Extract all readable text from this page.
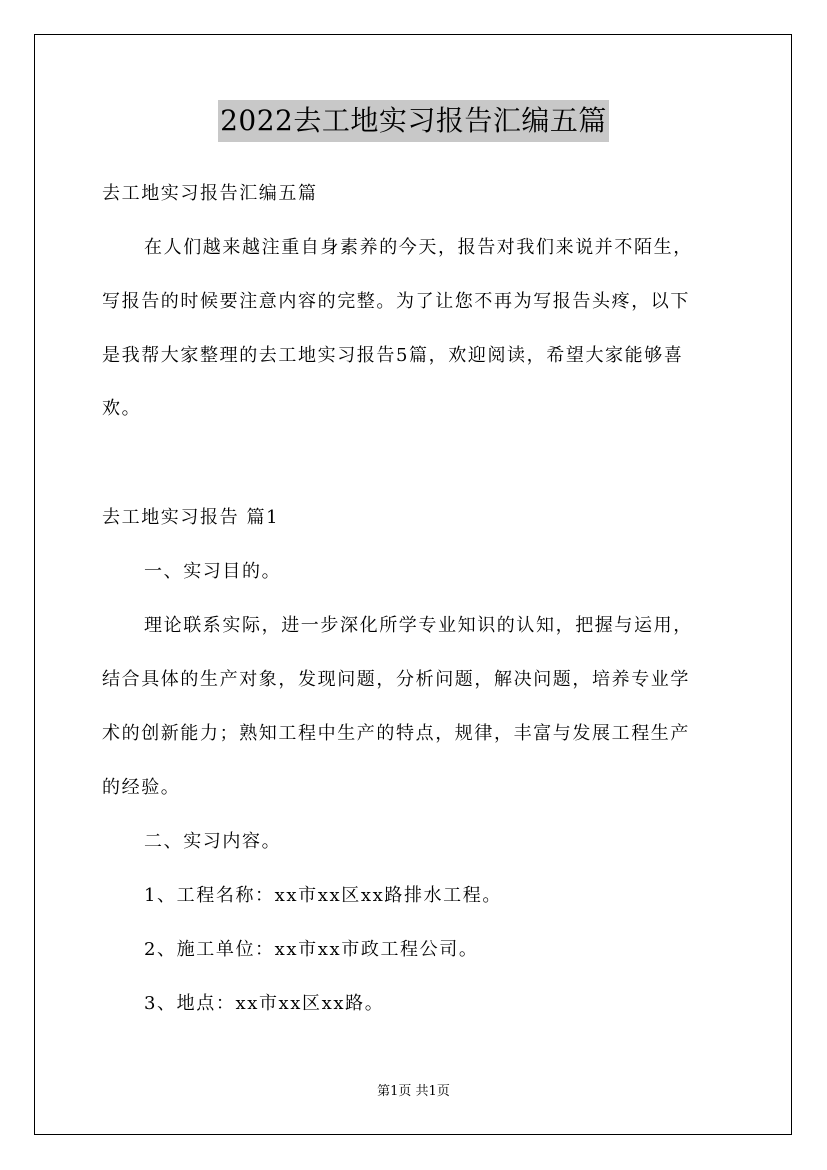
2022去工地实习报告汇编五篇
去工地实习报告汇编五篇
在人们越来越注重自身素养的今天，报告对我们来说并不陌生，
写报告的时候要注意内容的完整。为了让您不再为写报告头疼，以下
是我帮大家整理的去工地实习报告5篇，欢迎阅读，希望大家能够喜
欢。
去工地实习报告 篇1
一、实习目的。
理论联系实际，进一步深化所学专业知识的认知，把握与运用，
结合具体的生产对象，发现问题，分析问题，解决问题，培养专业学
术的创新能力；熟知工程中生产的特点，规律，丰富与发展工程生产
的经验。
二、实习内容。
1、工程名称：xx市xx区xx路排水工程。
2、施工单位：xx市xx市政工程公司。
3、地点：xx市xx区xx路。
第1页 共1页
